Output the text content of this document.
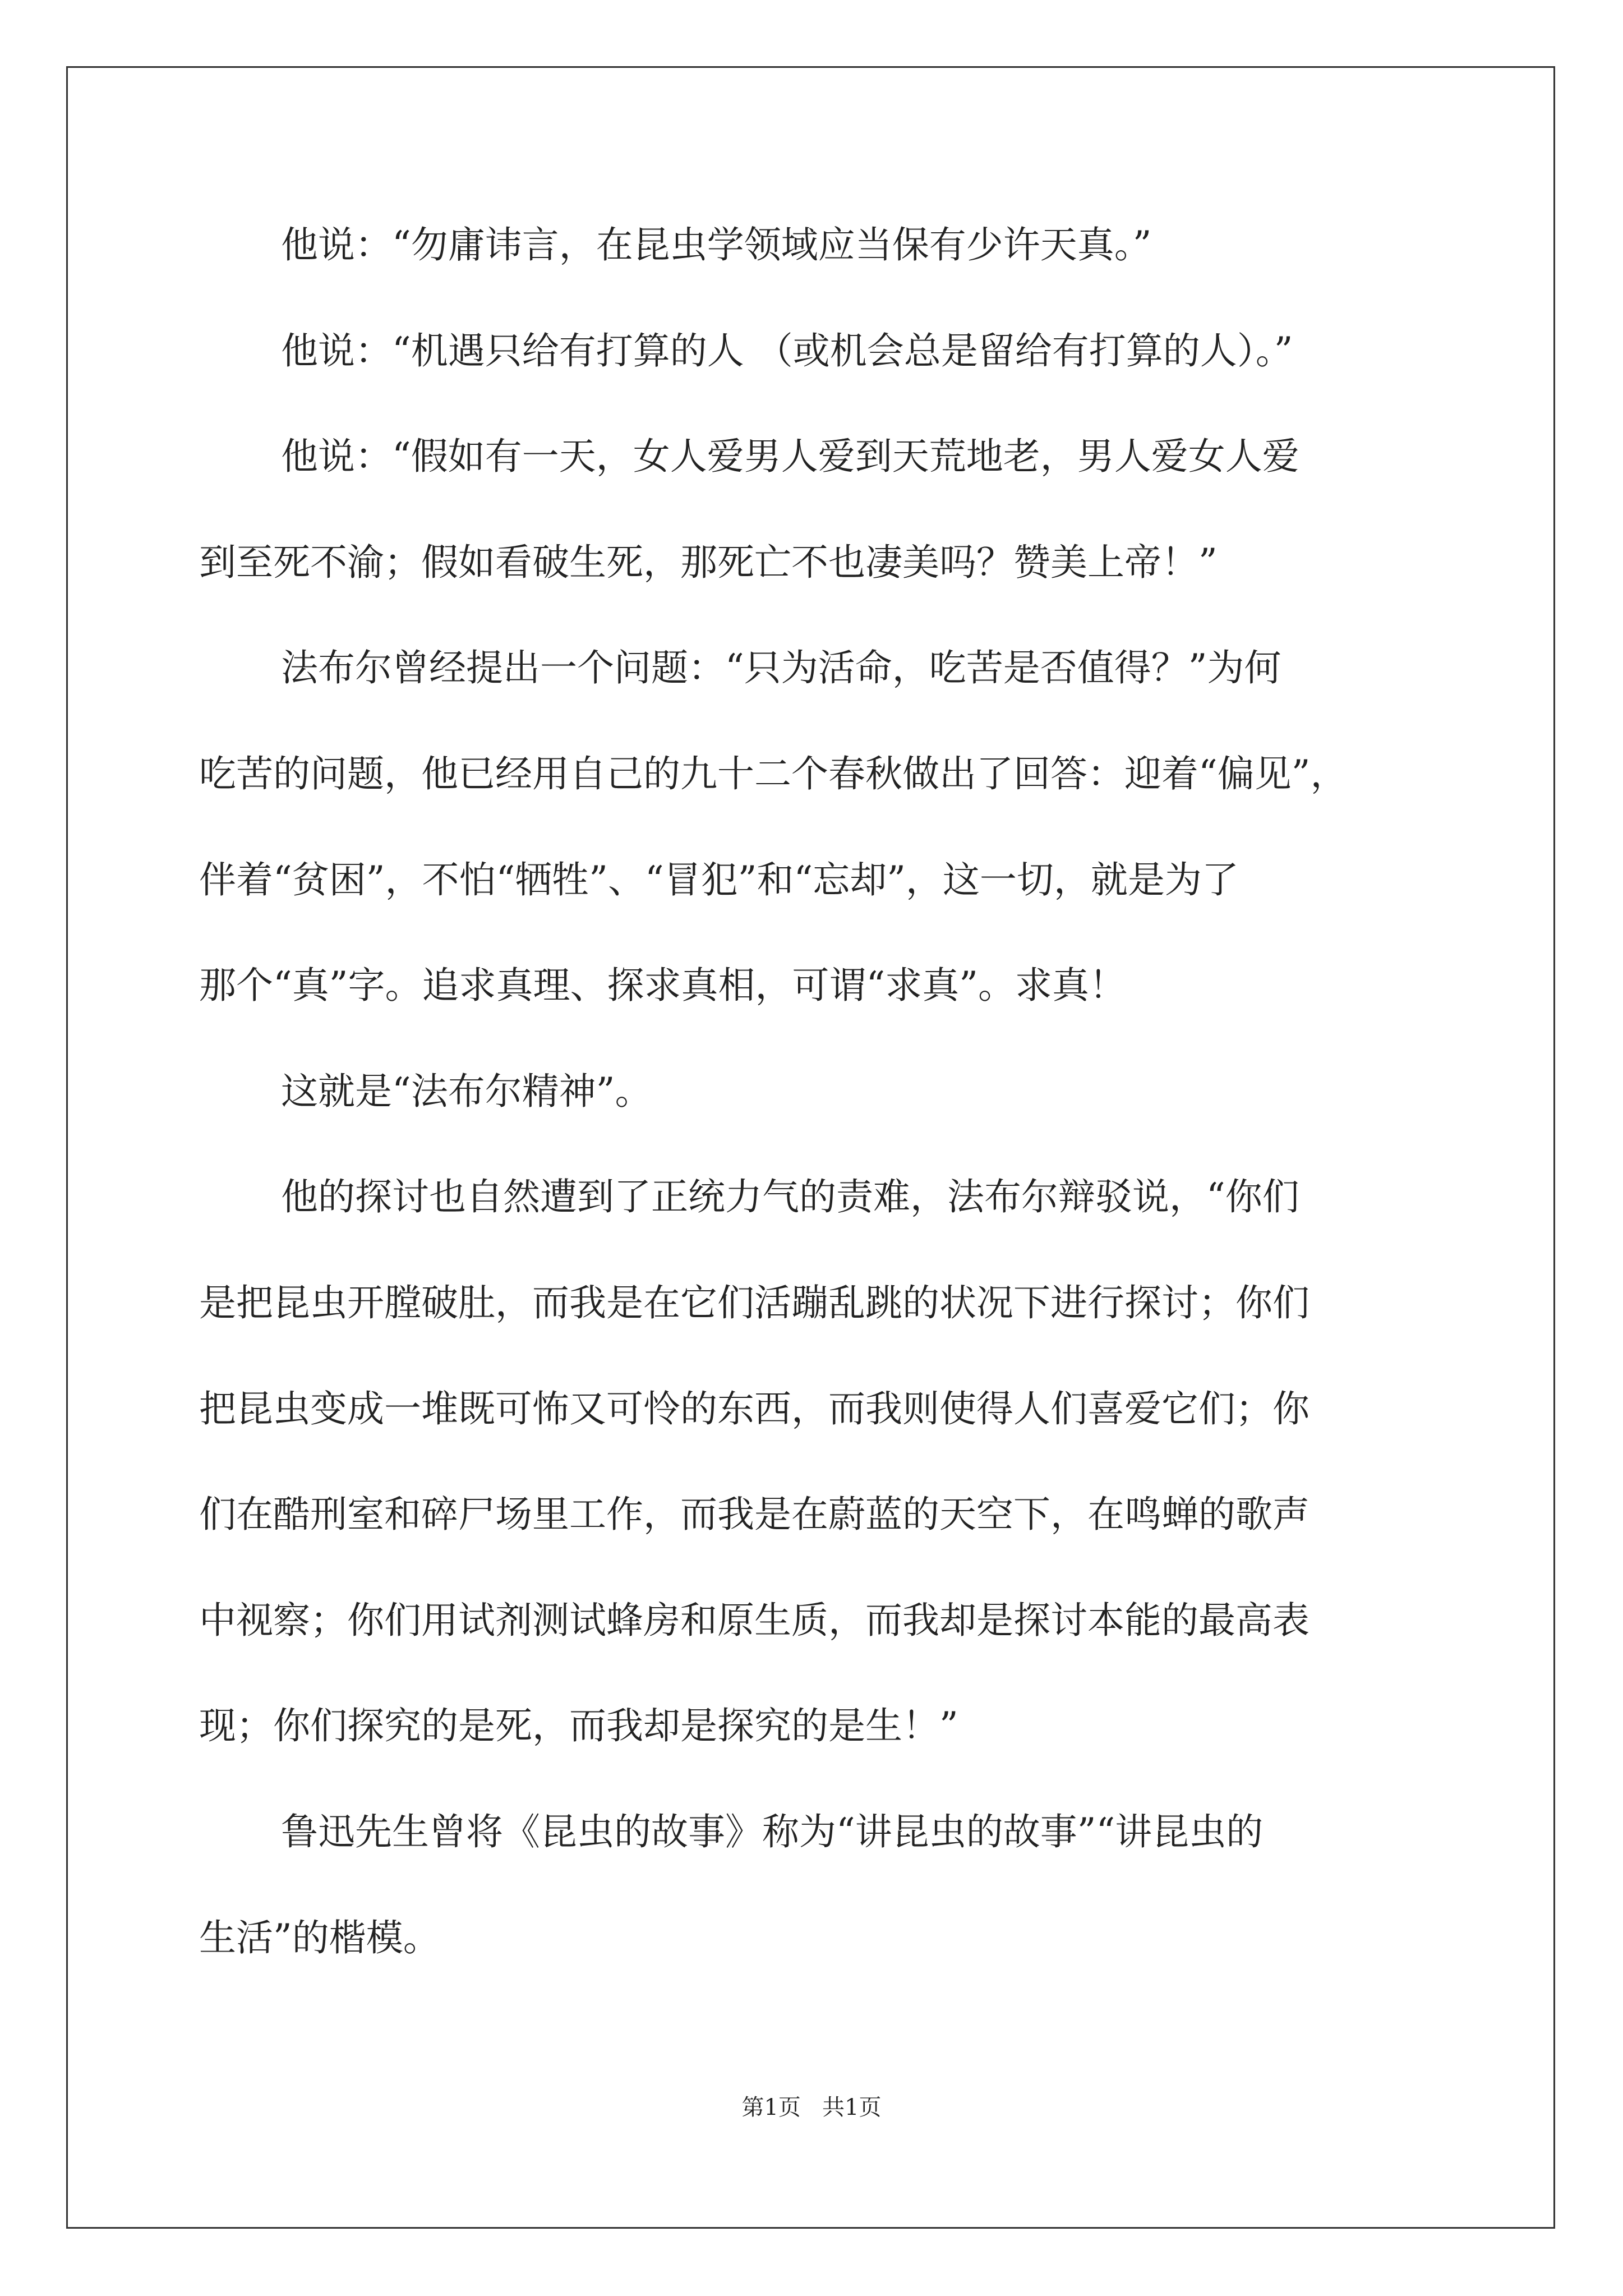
他说：“勿庸讳言，在昆虫学领域应当保有少许天真。”
他说：“机遇只给有打算的人 （或机会总是留给有打算的人）。”
他说：“假如有一天，女人爱男人爱到天荒地老，男人爱女人爱
到至死不渝；假如看破生死，那死亡不也凄美吗？赞美上帝！”
法布尔曾经提出一个问题：“只为活命，吃苦是否值得？”为何
吃苦的问题，他已经用自己的九十二个春秋做出了回答：迎着“偏见”，
伴着“贫困”，不怕“牺牲”、“冒犯”和“忘却”，这一切，就是为了
那个“真”字。追求真理、探求真相，可谓“求真”。求真！
这就是“法布尔精神”。
他的探讨也自然遭到了正统力气的责难，法布尔辩驳说，“你们
是把昆虫开膛破肚，而我是在它们活蹦乱跳的状况下进行探讨；你们
把昆虫变成一堆既可怖又可怜的东西，而我则使得人们喜爱它们；你
们在酷刑室和碎尸场里工作，而我是在蔚蓝的天空下，在鸣蝉的歌声
中视察；你们用试剂测试蜂房和原生质，而我却是探讨本能的最高表
现；你们探究的是死，而我却是探究的是生！”
鲁迅先生曾将《昆虫的故事》称为“讲昆虫的故事”“讲昆虫的
生活”的楷模。
第1页   共1页
